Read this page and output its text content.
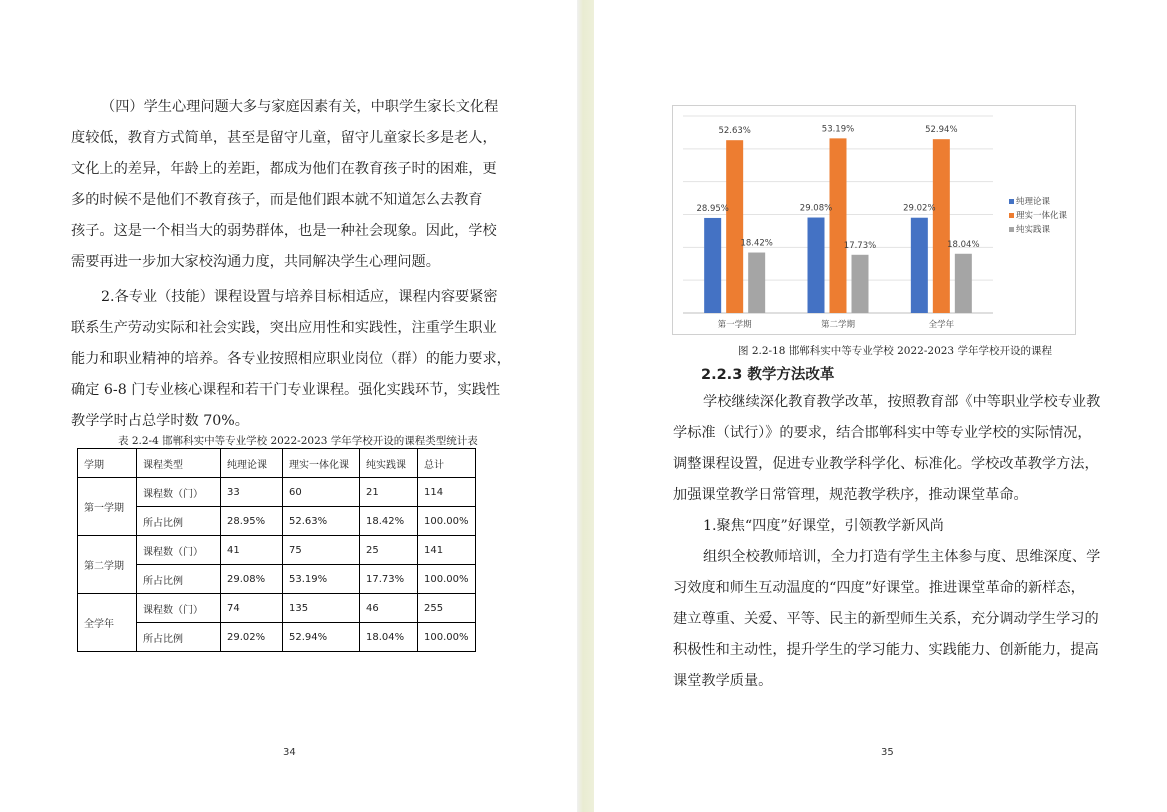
（四）学生心理问题大多与家庭因素有关，中职学生家长文化程
度较低，教育方式简单，甚至是留守儿童，留守儿童家长多是老人，
文化上的差异，年龄上的差距，都成为他们在教育孩子时的困难，更
多的时候不是他们不教育孩子，而是他们跟本就不知道怎么去教育
孩子。这是一个相当大的弱势群体，也是一种社会现象。因此，学校
需要再进一步加大家校沟通力度，共同解决学生心理问题。
2.各专业（技能）课程设置与培养目标相适应，课程内容要紧密
联系生产劳动实际和社会实践，突出应用性和实践性，注重学生职业
能力和职业精神的培养。各专业按照相应职业岗位（群）的能力要求，
确定 6-8 门专业核心课程和若干门专业课程。强化实践环节，实践性
教学学时占总学时数 70%。
表 2.2-4 邯郸科实中等专业学校 2022-2023 学年学校开设的课程类型统计表
学期	课程类型	纯理论课	理实一体化课	纯实践课	总计
第一学期	课程数（门）	33	60	21	114
	所占比例	28.95%	52.63%	18.42%	100.00%
第二学期	课程数（门）	41	75	25	141
	所占比例	29.08%	53.19%	17.73%	100.00%
全学年	课程数（门）	74	135	46	255
	所占比例	29.02%	52.94%	18.04%	100.00%
34
28.95%
52.63%
18.42%
29.08%
53.19%
17.73%
29.02%
52.94%
18.04%
第一学期	第二学期	全学年
纯理论课
理实一体化课
纯实践课
图 2.2-18 邯郸科实中等专业学校 2022-2023 学年学校开设的课程
2.2.3 教学方法改革
学校继续深化教育教学改革，按照教育部《中等职业学校专业教
学标准（试行）》的要求，结合邯郸科实中等专业学校的实际情况，
调整课程设置，促进专业教学科学化、标准化。学校改革教学方法，
加强课堂教学日常管理，规范教学秩序，推动课堂革命。
1.聚焦“四度”好课堂，引领教学新风尚
组织全校教师培训，全力打造有学生主体参与度、思维深度、学
习效度和师生互动温度的“四度”好课堂。推进课堂革命的新样态，
建立尊重、关爱、平等、民主的新型师生关系，充分调动学生学习的
积极性和主动性，提升学生的学习能力、实践能力、创新能力，提高
课堂教学质量。
35
